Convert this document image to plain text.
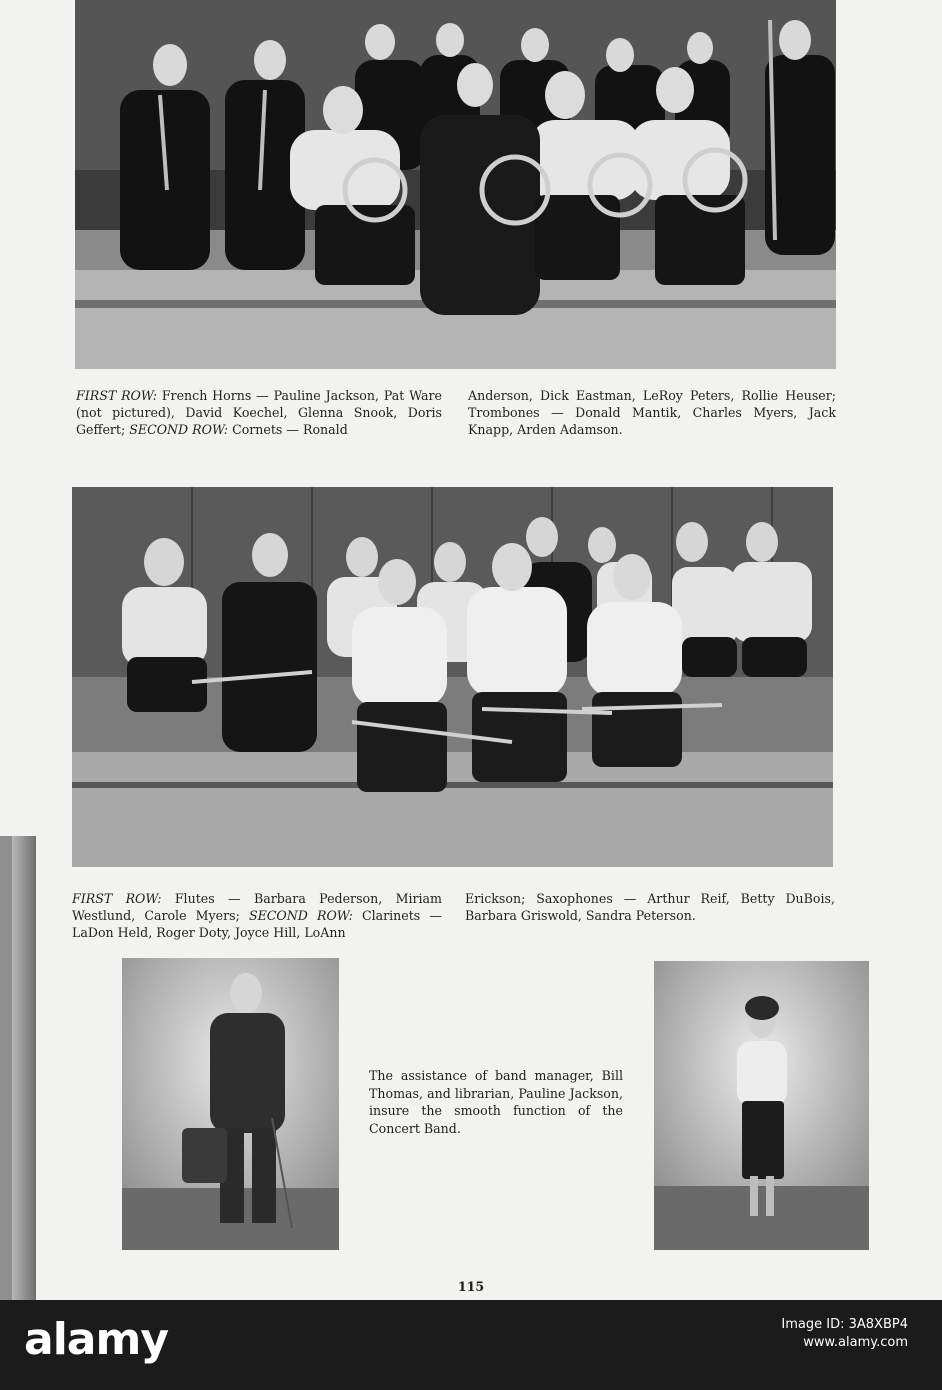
FIRST ROW: French Horns — Pauline Jackson, Pat Ware (not pictured), David Koechel, Glenna Snook, Doris Geffert; SECOND ROW: Cornets — Ronald
Anderson, Dick Eastman, LeRoy Peters, Rollie Heuser; Trombones — Donald Mantik, Charles Myers, Jack Knapp, Arden Adamson.
FIRST ROW: Flutes — Barbara Pederson, Miriam Westlund, Carole Myers; SECOND ROW: Clarinets — LaDon Held, Roger Doty, Joyce Hill, LoAnn
Erickson; Saxophones — Arthur Reif, Betty DuBois, Barbara Griswold, Sandra Peterson.
The assistance of band manager, Bill Thomas, and librarian, Pauline Jackson, insure the smooth function of the Concert Band.
115
alamy	Image ID: 3A8XBP4
www.alamy.com
